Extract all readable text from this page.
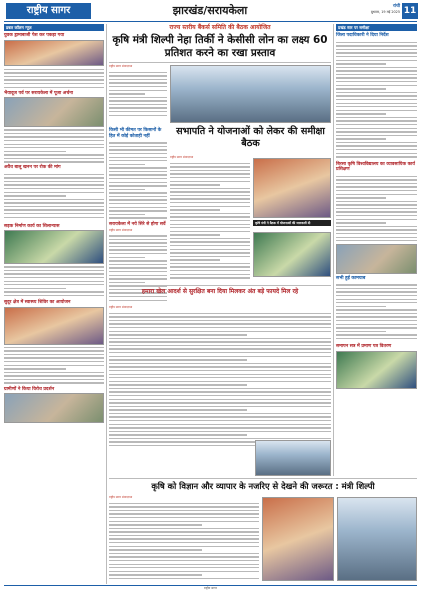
राष्ट्रीय सागर	झारखंड/सरायकेला	रांची
बुधवार, 19 मई 2025 11
डबल कॉलम न्यूज़
युवक ड्रामाबाजी पेश कर पकड़ा गया
भैयादूज पर्व पर सरायकेला में पूजा अर्चना
अवैध बालू खनन पर रोक की मांग
सड़क निर्माण कार्य का शिलान्यास
सुदूर क्षेत्र में स्वास्थ्य शिविर का आयोजन
ग्रामीणों ने किया विरोध प्रदर्शन
राज्य स्तरीय बैंकर्स समिति की बैठक आयोजित
कृषि मंत्री शिल्पी नेहा तिर्की ने केसीसी लोन का लक्ष्य 60 प्रतिशत करने का रखा प्रस्ताव
राष्ट्रीय सागर संवाददाता
किसी भी कीमत पर किसानों के हित में कोई कोताही नहीं
सरायकेला में नये सिरे से होगा सर्वे
राष्ट्रीय सागर संवाददाता
सभापति ने योजनाओं को लेकर की समीक्षा बैठक
राष्ट्रीय सागर संवाददाता
कृषि मंत्री ने बैठक में योजनाओं की जानकारी दी
हमारा खेल आदर्श से सुरक्षित बना दिया मिलकर अंत बड़े फायदे मिल रहे
राष्ट्रीय सागर संवाददाता
कृषि को विज्ञान और व्यापार के नजरिए से देखने की जरूरत : मंत्री शिल्पी
राष्ट्रीय सागर संवाददाता
प्रखंड स्तर पर समीक्षा
जिला पदाधिकारी ने दिया निर्देश
बिरसा कृषि विश्वविद्यालय का व्यावसायिक कार्य प्रशिक्षण
सभी हुई कामयाब
समापन सत्र में प्रमाण पत्र वितरण
राष्ट्रीय सागर
